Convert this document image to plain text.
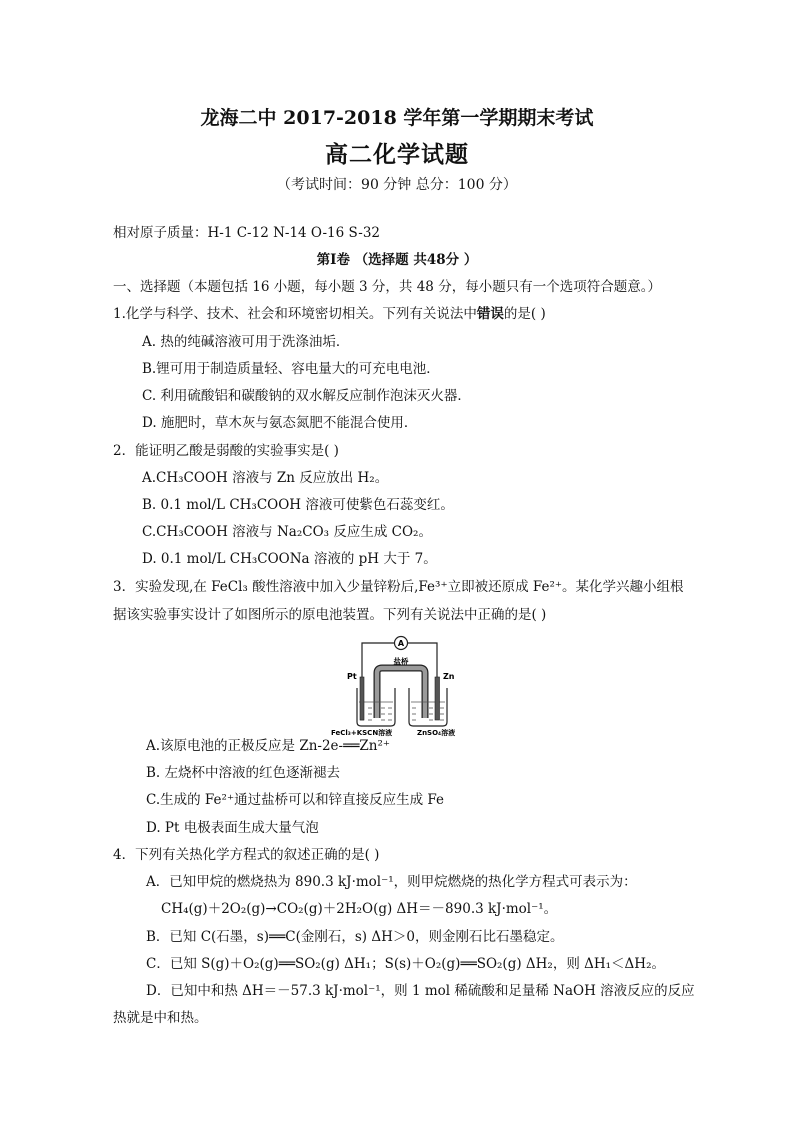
龙海二中 2017-2018 学年第一学期期末考试
高二化学试题
（考试时间：90 分钟 总分：100 分）
相对原子质量：H-1 C-12 N-14 O-16 S-32
第Ⅰ卷 （选择题 共48分 ）
一、选择题（本题包括 16 小题，每小题 3 分，共 48 分，每小题只有一个选项符合题意。）
1.化学与科学、技术、社会和环境密切相关。下列有关说法中错误的是( )
A. 热的纯碱溶液可用于洗涤油垢．
B.锂可用于制造质量轻、容电量大的可充电电池．
C. 利用硫酸铝和碳酸钠的双水解反应制作泡沫灭火器．
D. 施肥时，草木灰与氨态氮肥不能混合使用．
2．能证明乙酸是弱酸的实验事实是( )
A.CH₃COOH 溶液与 Zn 反应放出 H₂。
B. 0.1 mol/L CH₃COOH 溶液可使紫色石蕊变红。
C.CH₃COOH 溶液与 Na₂CO₃ 反应生成 CO₂。
D. 0.1 mol/L CH₃COONa 溶液的 pH 大于 7。
3．实验发现,在 FeCl₃ 酸性溶液中加入少量锌粉后,Fe³⁺立即被还原成 Fe²⁺。某化学兴趣小组根
据该实验事实设计了如图所示的原电池装置。下列有关说法中正确的是( )
A
盐桥
Pt	Zn
FeCl₃+KSCN溶液	ZnSO₄溶液
A.该原电池的正极反应是 Zn-2e-══Zn²⁺
B. 左烧杯中溶液的红色逐渐褪去
C.生成的 Fe²⁺通过盐桥可以和锌直接反应生成 Fe
D. Pt 电极表面生成大量气泡
4．下列有关热化学方程式的叙述正确的是( )
A．已知甲烷的燃烧热为 890.3 kJ·mol⁻¹，则甲烷燃烧的热化学方程式可表示为：
CH₄(g)＋2O₂(g)→CO₂(g)＋2H₂O(g) ΔH＝－890.3 kJ·mol⁻¹。
B．已知 C(石墨，s)══C(金刚石，s) ΔH＞0，则金刚石比石墨稳定。
C．已知 S(g)＋O₂(g)══SO₂(g) ΔH₁；S(s)＋O₂(g)══SO₂(g) ΔH₂，则 ΔH₁＜ΔH₂。
D．已知中和热 ΔH＝－57.3 kJ·mol⁻¹，则 1 mol 稀硫酸和足量稀 NaOH 溶液反应的反应
热就是中和热。
